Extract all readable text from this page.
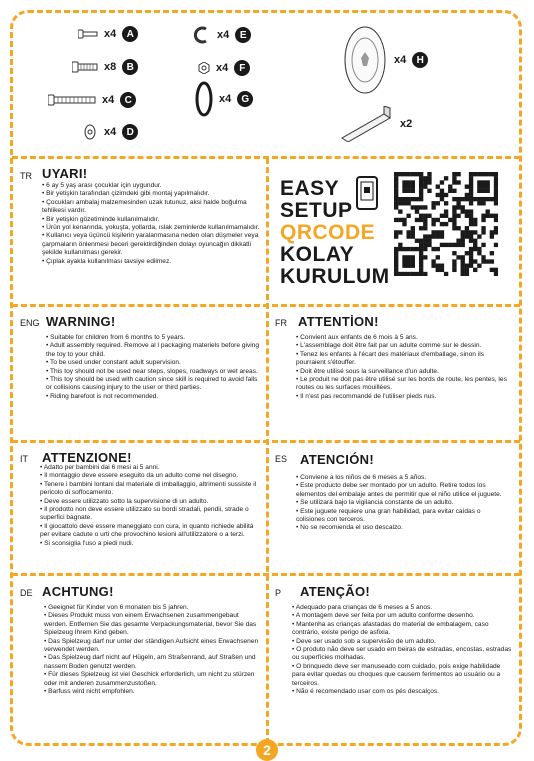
x4	A
x8	B
x4	C
x4	D
x4	E
x4	F
x4	G
x4	H
x2
TR UYARI!
• 6 ay 5 yaş arası çocuklar için uygundur.
• Bir yetişkin tarafından çizimdeki gibi montaj yapılmalıdır.
• Çocukları ambalaj malzemesinden uzak tutunuz, aksi halde boğulma tehlikesi vardır.
• Bir yetişkin gözetiminde kullanılmalıdır.
• Ürün yol kenarında, yokuşta, yollarda, ıslak zeminlerde kullanılmamalıdır.
• Kullanıcı veya üçüncü kişilerin yaralanmasına neden olan düşmeler veya çarpmaların önlenmesi beceri gerektirdiğinden dolayı oyuncağın dikkatli şekilde kullanılması gerekir.
• Çıplak ayakla kullanılması tavsiye edilmez.
EASY
SETUP
QRCODE
KOLAY
KURULUM
ENG WARNING!
• Suitable for children from 6 months to 5 years.
• Adult assembly required. Remove al l packaging materiels before giving the toy to your child.
• To be used under constant adult supervision.
• This toy should not be used near steps, slopes, roadways or wet areas.
• This toy should be used with caution since skill is required to avoid falls or collisions causing injury to the user or third parties.
• Riding barefoot is not recommended.
FR ATTENTİON!
• Convient aux enfants de 6 mois à 5 ans.
• L'assemblage doit être fait par un adulte comme sur le dessin.
• Tenez les enfants à l'écart des matériaux d'emballage, sinon ils pourraient s'étouffer.
• Doit être utilisé sous la surveillance d'un adulte.
• Le produit ne doit pas être utilisé sur les bords de route, les pentes, les routes ou les surfaces mouillées.
• Il n'est pas recommandé de l'utiliser pieds nus.
IT ATTENZIONE!
• Adatto per bambini dai 6 mesi ai 5 anni.
• Il montaggio deve essere eseguito da un adulto come nel disegno.
• Tenere i bambini lontani dal materiale di imballaggio, altrimenti sussiste il pericolo di soffocamento.
• Deve essere utilizzato sotto la supervisione di un adulto.
• Il prodotto non deve essere utilizzato su bordi stradali, pendii, strade o superfici bagnate.
• Il giocattolo deve essere maneggiato con cura, in quanto richiede abilità per evitare cadute o urti che provochino lesioni all'utilizzatore o a terzi.
• Si sconsiglia l'uso a piedi nudi.
ES ATENCIÓN!
• Conviene a los niños de 6 meses a 5 años.
• Este producto debe ser montado por un adulto. Retire todos los elementos del embalaje antes de permitir que el niño utilice el juguete.
• Se utilizará bajo la vigilancia constante de un adulto.
• Este juguete requiere una gran habilidad, para evitar caídas o colisiones con terceros.
• No se recomienda el uso descalzo.
DE ACHTUNG!
• Geeignet für Kinder von 6 monaten bis 5 jahren.
• Dieses Produkt muss von einem Erwachsenen zusammengebaut werden. Entfernen Sie das gesamte Verpackungsmaterial, bevor Sie das Spielzeug Ihrem Kind geben.
• Das Spielzeug darf nur unter der ständigen Aufsicht eines Erwachsenen verwendet werden.
• Das Spielzeug darf nicht auf Hügeln, am Straßenrand, auf Straßen und nassem Boden genutzt werden.
• Für dieses Spielzeug ist viel Geschick erforderlich, um nicht zu stürzen oder mit anderen zusammenzustoßen.
• Barfuss wird nicht empfohlen.
P ATENÇÃO!
• Adequado para crianças de 6 meses a 5 anos.
• A montagem deve ser feita por um adulto conforme desenho.
• Mantenha as crianças afastadas do material de embalagem, caso contrário, existe perigo de asfixia.
• Deve ser usado sob a supervisão de um adulto.
• O produto não deve ser usado em beiras de estradas, encostas, estradas ou superfícies molhadas.
• O brinquedo deve ser manuseado com cuidado, pois exige habilidade para evitar quedas ou choques que causem ferimentos ao usuário ou a terceiros.
• Não é recomendado usar com os pés descalços.
2
